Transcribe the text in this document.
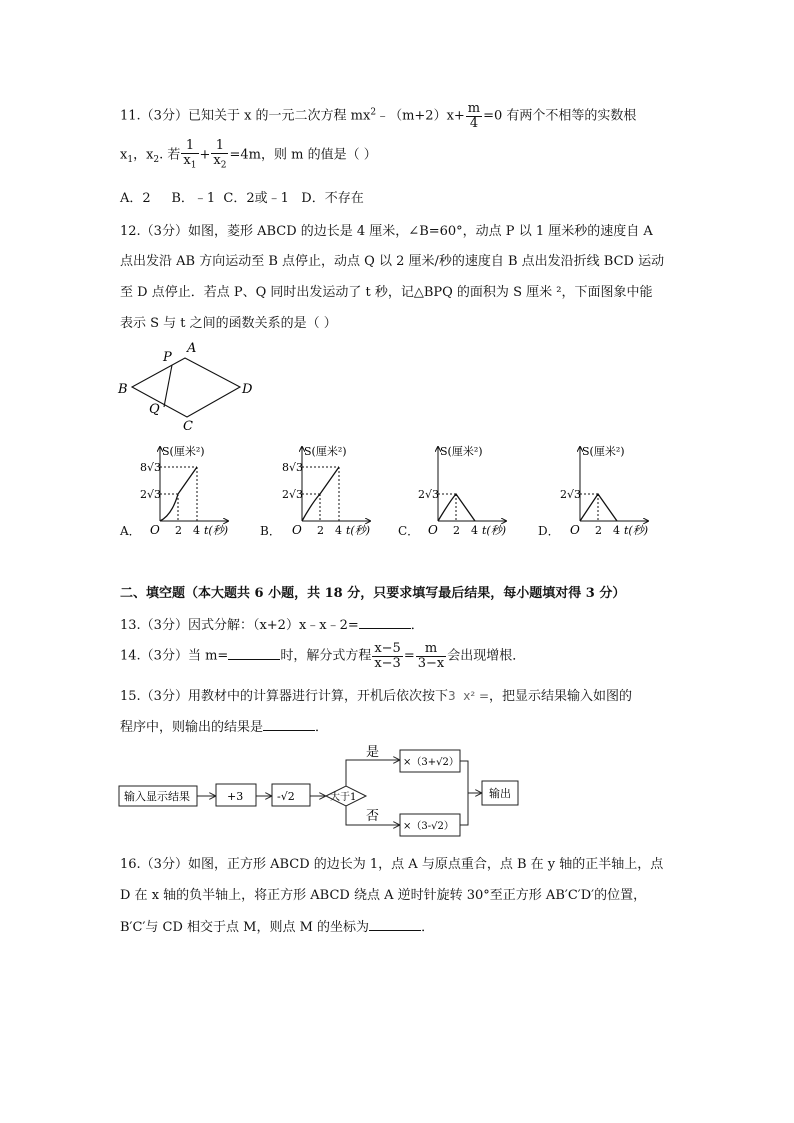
11.（3分）已知关于 x 的一元二次方程 $mx^2﹣(m+2)x+ \frac{m}{4} =0$ 有两个不相等的实数根
$x_1$，$x_2$. 若 $\frac{1}{x_1} + \frac{1}{x_2} =4m$，则 m 的值是（ ）
A．2     B．﹣1  C．2或﹣1   D．不存在
12.（3分）如图，菱形 ABCD 的边长是 4 厘米，∠B=60°，动点 P 以 1 厘米秒的速度自 A
点出发沿 AB 方向运动至 B 点停止，动点 Q 以 2 厘米/秒的速度自 B 点出发沿折线 BCD 运动
至 D 点停止．若点 P、Q 同时出发运动了 t 秒，记△BPQ 的面积为 S 厘米 ²，下面图象中能
表示 S 与 t 之间的函数关系的是（ ）
A
B
C
D
P
Q
8√3
2√3
S(厘米²)
O 2 4 t(秒)
8√3
2√3
S(厘米²)
O 2 4 t(秒)
2√3
S(厘米²)
O 2 4 t(秒)
2√3
S(厘米²)
O 2 4 t(秒)
A．	B．	C．	D．
二、填空题（本大题共 6 小题，共 18 分，只要求填写最后结果，每小题填对得 3 分）
13.（3分）因式分解：（x+2）x﹣x﹣2=	．
14.（3分）当 m=	时，解分式方程 $\frac{x-5}{x-3} = \frac{m}{3-x}$ 会出现增根．
15.（3分）用教材中的计算器进行计算，开机后依次按下3  x² =，把显示结果输入如图的
程序中，则输出的结果是	．
输入显示结果	+3	-√2	大于1
是
否
×（3+√2）
×（3-√2）
输出
16.（3分）如图，正方形 ABCD 的边长为 1，点 A 与原点重合，点 B 在 y 轴的正半轴上，点
D 在 x 轴的负半轴上，将正方形 ABCD 绕点 A 逆时针旋转 30°至正方形 AB′C′D′的位置，
B′C′与 CD 相交于点 M，则点 M 的坐标为	．
